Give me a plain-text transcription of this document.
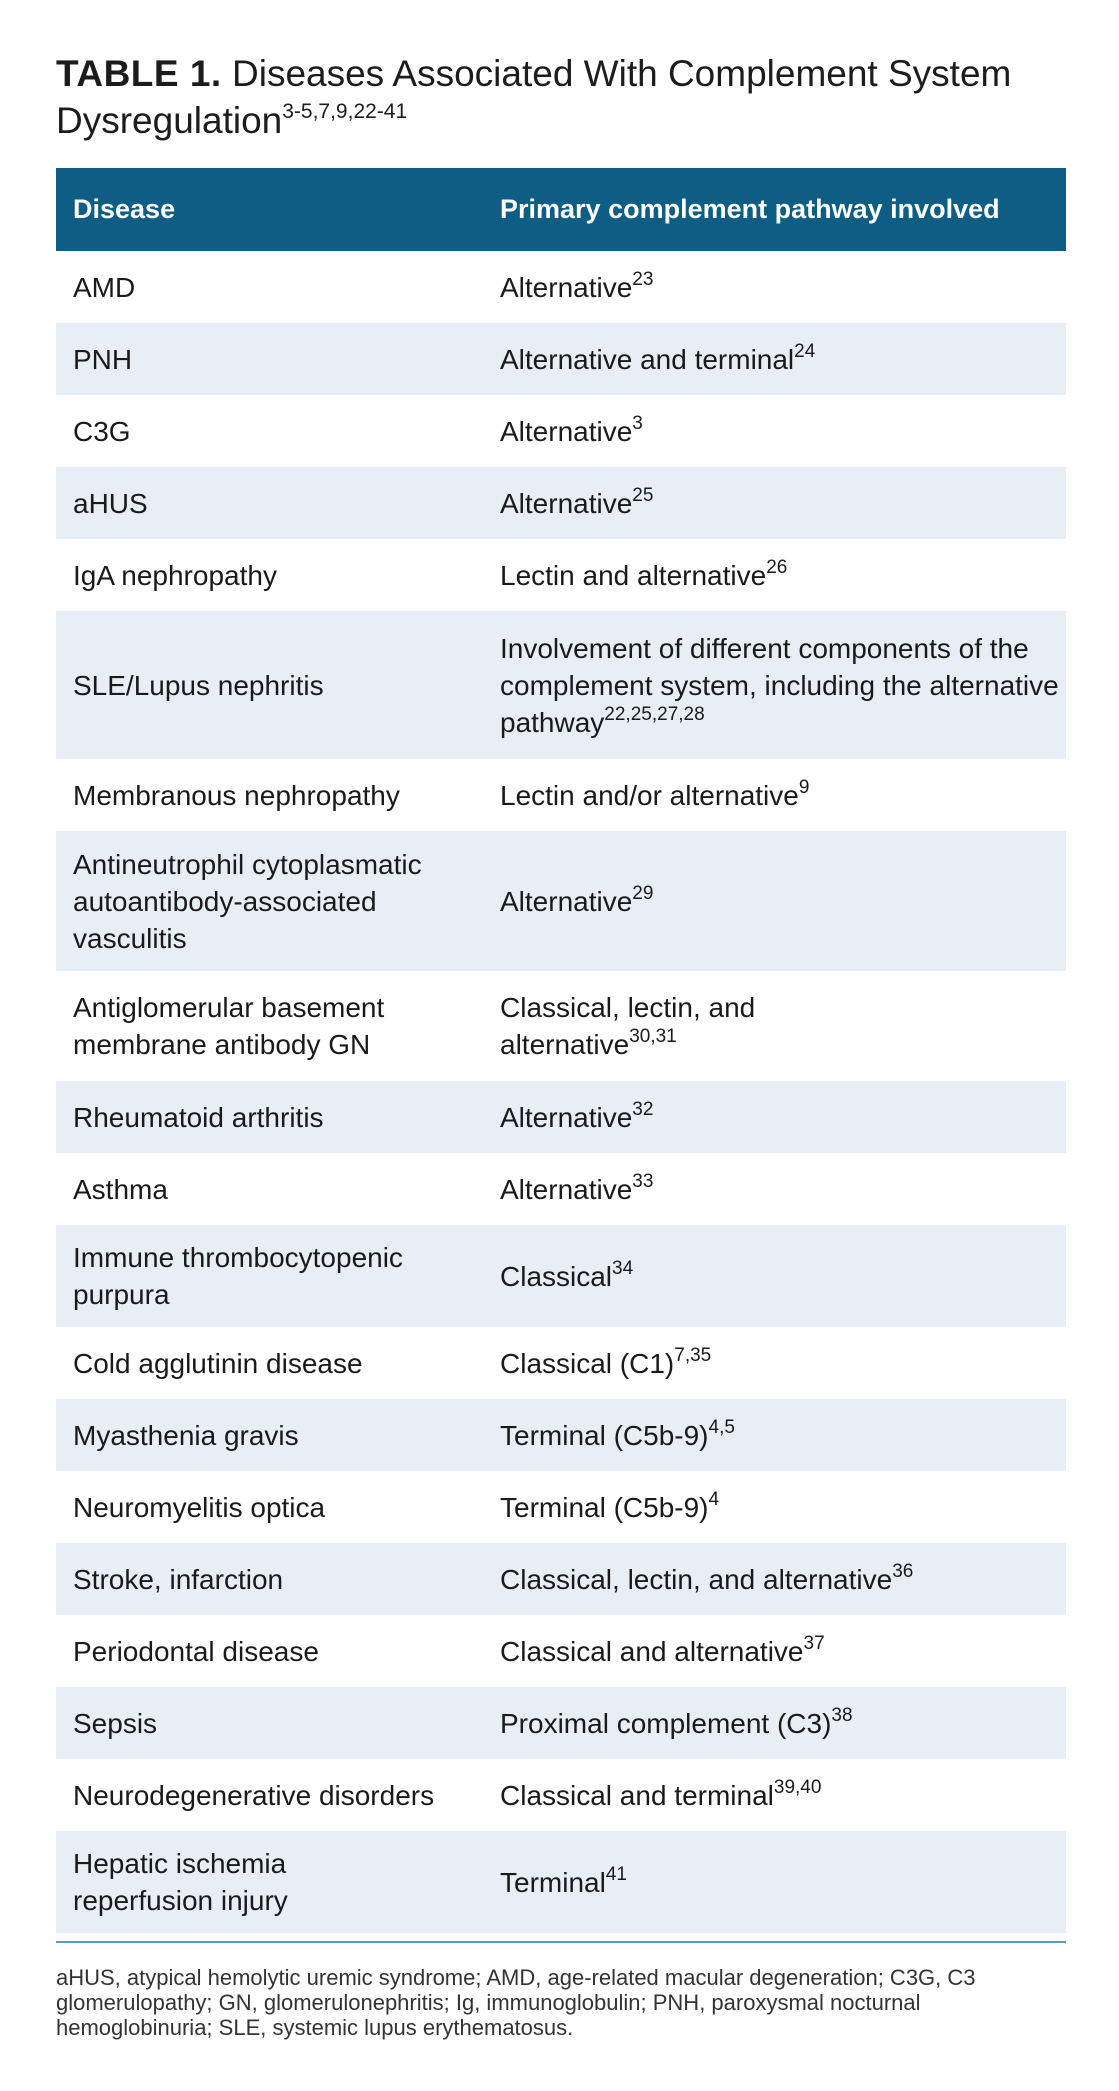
TABLE 1. Diseases Associated With Complement System Dysregulation$^{3-5,7,9,22-41}$
Disease	Primary complement pathway involved
AMD	Alternative$^{23}$

PNH	Alternative and terminal$^{24}$

C3G	Alternative$^3$

aHUS	Alternative$^{25}$

IgA nephropathy	Lectin and alternative$^{26}$

SLE/Lupus nephritis	Involvement of different components of the complement system, including the alternative pathway$^{22,25,27,28}$

Membranous nephropathy	Lectin and/or alternative$^9$

Antineutrophil cytoplasmatic autoantibody-associated vasculitis	Alternative$^{29}$

Antiglomerular basement membrane antibody GN	Classical, lectin, and alternative$^{30,31}$

Rheumatoid arthritis	Alternative$^{32}$

Asthma	Alternative$^{33}$

Immune thrombocytopenic purpura	Classical$^{34}$

Cold agglutinin disease	Classical $(C1)^{7,35}$

Myasthenia gravis	Terminal $(C5b-9)^{4,5}$

Neuromyelitis optica	Terminal $(C5b-9)^4$

Stroke, infarction	Classical, lectin, and alternative$^{36}$

Periodontal disease	Classical and alternative$^{37}$

Sepsis	Proximal complement $(C3)^{38}$

Neurodegenerative disorders	Classical and terminal$^{39,40}$

Hepatic ischemia reperfusion injury	Terminal$^{41}$
aHUS, atypical hemolytic uremic syndrome; AMD, age-related macular degeneration; C3G, C3 glomerulopathy; GN, glomerulonephritis; Ig, immunoglobulin; PNH, paroxysmal nocturnal hemoglobinuria; SLE, systemic lupus erythematosus.
